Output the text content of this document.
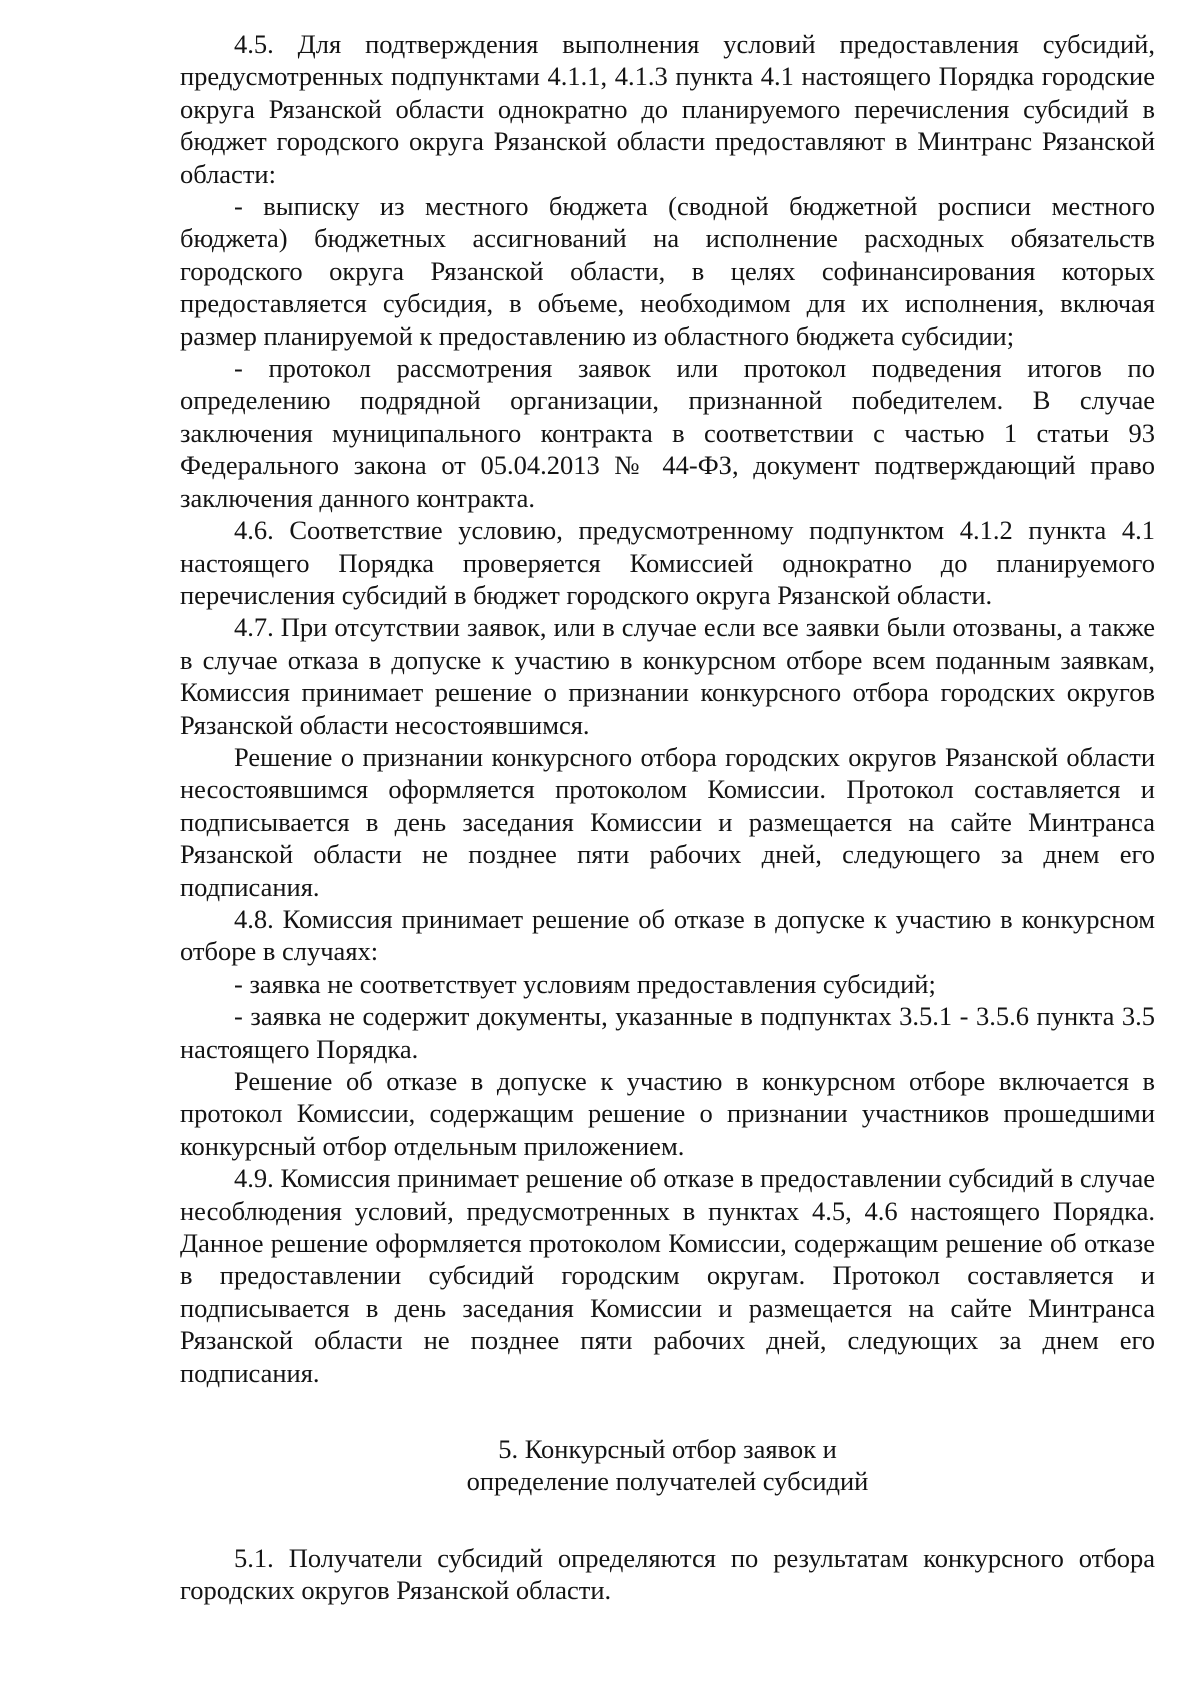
4.5. Для подтверждения выполнения условий предоставления субсидий, предусмотренных подпунктами 4.1.1, 4.1.3 пункта 4.1 настоящего Порядка городские округа Рязанской области однократно до планируемого перечисления субсидий в бюджет городского округа Рязанской области предоставляют в Минтранс Рязанской области:

- выписку из местного бюджета (сводной бюджетной росписи местного бюджета) бюджетных ассигнований на исполнение расходных обязательств городского округа Рязанской области, в целях софинансирования которых предоставляется субсидия, в объеме, необходимом для их исполнения, включая размер планируемой к предоставлению из областного бюджета субсидии;

- протокол рассмотрения заявок или протокол подведения итогов по определению подрядной организации, признанной победителем. В случае заключения муниципального контракта в соответствии с частью 1 статьи 93 Федерального закона от 05.04.2013 № 44-ФЗ, документ подтверждающий право заключения данного контракта.

4.6. Соответствие условию, предусмотренному подпунктом 4.1.2 пункта 4.1 настоящего Порядка проверяется Комиссией однократно до планируемого перечисления субсидий в бюджет городского округа Рязанской области.

4.7. При отсутствии заявок, или в случае если все заявки были отозваны, а также в случае отказа в допуске к участию в конкурсном отборе всем поданным заявкам, Комиссия принимает решение о признании конкурсного отбора городских округов Рязанской области несостоявшимся.

Решение о признании конкурсного отбора городских округов Рязанской области несостоявшимся оформляется протоколом Комиссии. Протокол составляется и подписывается в день заседания Комиссии и размещается на сайте Минтранса Рязанской области не позднее пяти рабочих дней, следующего за днем его подписания.

4.8. Комиссия принимает решение об отказе в допуске к участию в конкурсном отборе в случаях:

- заявка не соответствует условиям предоставления субсидий;

- заявка не содержит документы, указанные в подпунктах 3.5.1 - 3.5.6 пункта 3.5 настоящего Порядка.

Решение об отказе в допуске к участию в конкурсном отборе включается в протокол Комиссии, содержащим решение о признании участников прошедшими конкурсный отбор отдельным приложением.

4.9. Комиссия принимает решение об отказе в предоставлении субсидий в случае несоблюдения условий, предусмотренных в пунктах 4.5, 4.6 настоящего Порядка. Данное решение оформляется протоколом Комиссии, содержащим решение об отказе в предоставлении субсидий городским округам. Протокол составляется и подписывается в день заседания Комиссии и размещается на сайте Минтранса Рязанской области не позднее пяти рабочих дней, следующих за днем его подписания.

5. Конкурсный отбор заявок и

определение получателей субсидий

5.1. Получатели субсидий определяются по результатам конкурсного отбора городских округов Рязанской области.
